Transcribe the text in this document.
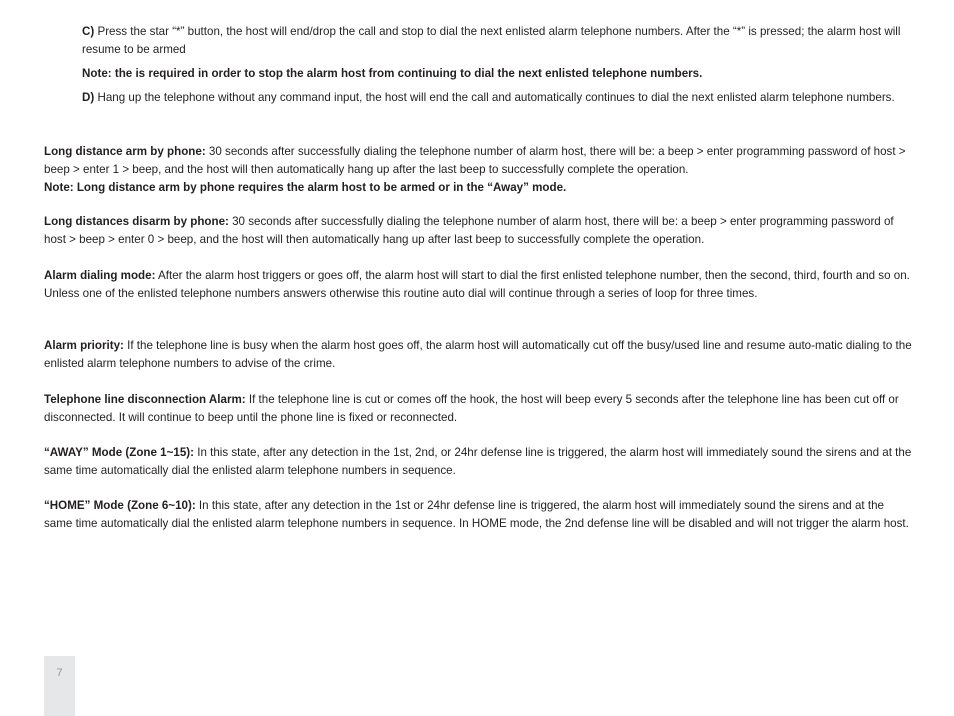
C) Press the star “*” button, the host will end/drop the call and stop to dial the next enlisted alarm telephone numbers. After the “*” is pressed; the alarm host will resume to be armed

Note: the is required in order to stop the alarm host from continuing to dial the next enlisted telephone numbers.

D) Hang up the telephone without any command input, the host will end the call and automatically continues to dial the next enlisted alarm telephone numbers.

Long distance arm by phone: 30 seconds after successfully dialing the telephone number of alarm host, there will be: a beep > enter programming password of host > beep > enter 1 > beep, and the host will then automatically hang up after the last beep to successfully complete the operation.
Note: Long distance arm by phone requires the alarm host to be armed or in the “Away” mode.

Long distances disarm by phone: 30 seconds after successfully dialing the telephone number of alarm host, there will be: a beep > enter programming password of host > beep > enter 0 > beep, and the host will then automatically hang up after last beep to successfully complete the operation.

Alarm dialing mode: After the alarm host triggers or goes off, the alarm host will start to dial the first enlisted telephone number, then the second, third, fourth and so on. Unless one of the enlisted telephone numbers answers otherwise this routine auto dial will continue through a series of loop for three times.

Alarm priority: If the telephone line is busy when the alarm host goes off, the alarm host will automatically cut off the busy/used line and resume auto-matic dialing to the enlisted alarm telephone numbers to advise of the crime.

Telephone line disconnection Alarm: If the telephone line is cut or comes off the hook, the host will beep every 5 seconds after the telephone line has been cut off or disconnected. It will continue to beep until the phone line is fixed or reconnected.

“AWAY” Mode (Zone 1~15): In this state, after any detection in the 1st, 2nd, or 24hr defense line is triggered, the alarm host will immediately sound the sirens and at the same time automatically dial the enlisted alarm telephone numbers in sequence.

“HOME” Mode (Zone 6~10): In this state, after any detection in the 1st or 24hr defense line is triggered, the alarm host will immediately sound the sirens and at the same time automatically dial the enlisted alarm telephone numbers in sequence. In HOME mode, the 2nd defense line will be disabled and will not trigger the alarm host.

7
